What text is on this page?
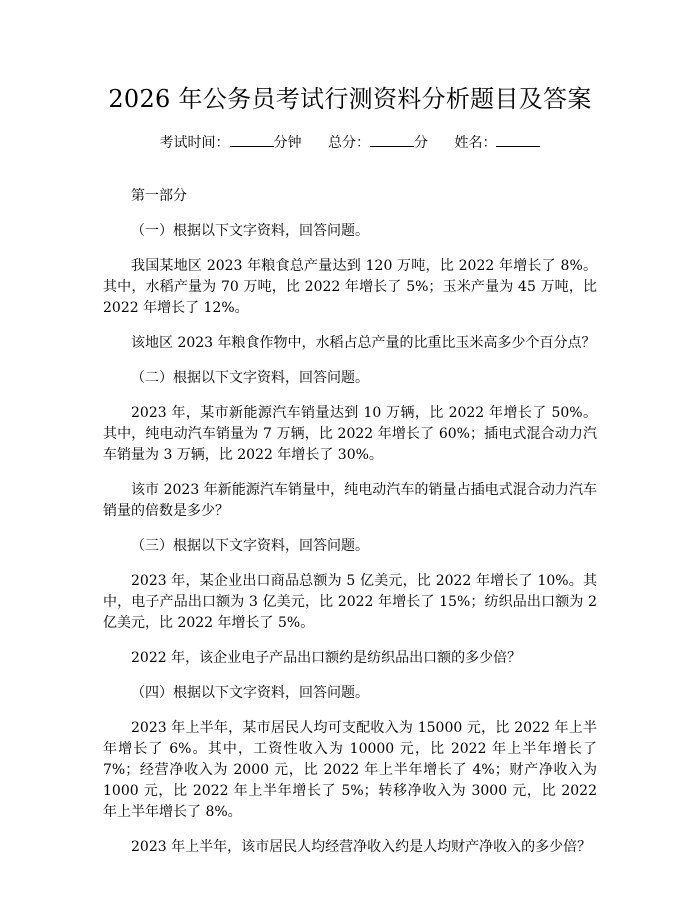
2026 年公务员考试行测资料分析题目及答案
考试时间：	分钟 总分：	分 姓名：

第一部分

（一）根据以下文字资料，回答问题。

我国某地区 2023 年粮食总产量达到 120 万吨，比 2022 年增长了 8%。其中，水稻产量为 70 万吨，比 2022 年增长了 5%；玉米产量为 45 万吨，比 2022 年增长了 12%。

该地区 2023 年粮食作物中，水稻占总产量的比重比玉米高多少个百分点？

（二）根据以下文字资料，回答问题。

2023 年，某市新能源汽车销量达到 10 万辆，比 2022 年增长了 50%。其中，纯电动汽车销量为 7 万辆，比 2022 年增长了 60%；插电式混合动力汽车销量为 3 万辆，比 2022 年增长了 30%。

该市 2023 年新能源汽车销量中，纯电动汽车的销量占插电式混合动力汽车销量的倍数是多少？

（三）根据以下文字资料，回答问题。

2023 年，某企业出口商品总额为 5 亿美元，比 2022 年增长了 10%。其中，电子产品出口额为 3 亿美元，比 2022 年增长了 15%；纺织品出口额为 2 亿美元，比 2022 年增长了 5%。

2022 年，该企业电子产品出口额约是纺织品出口额的多少倍？

（四）根据以下文字资料，回答问题。

2023 年上半年，某市居民人均可支配收入为 15000 元，比 2022 年上半年增长了 6%。其中，工资性收入为 10000 元，比 2022 年上半年增长了 7%；经营净收入为 2000 元，比 2022 年上半年增长了 4%；财产净收入为 1000 元，比 2022 年上半年增长了 5%；转移净收入为 3000 元，比 2022 年上半年增长了 8%。

2023 年上半年，该市居民人均经营净收入约是人均财产净收入的多少倍？
